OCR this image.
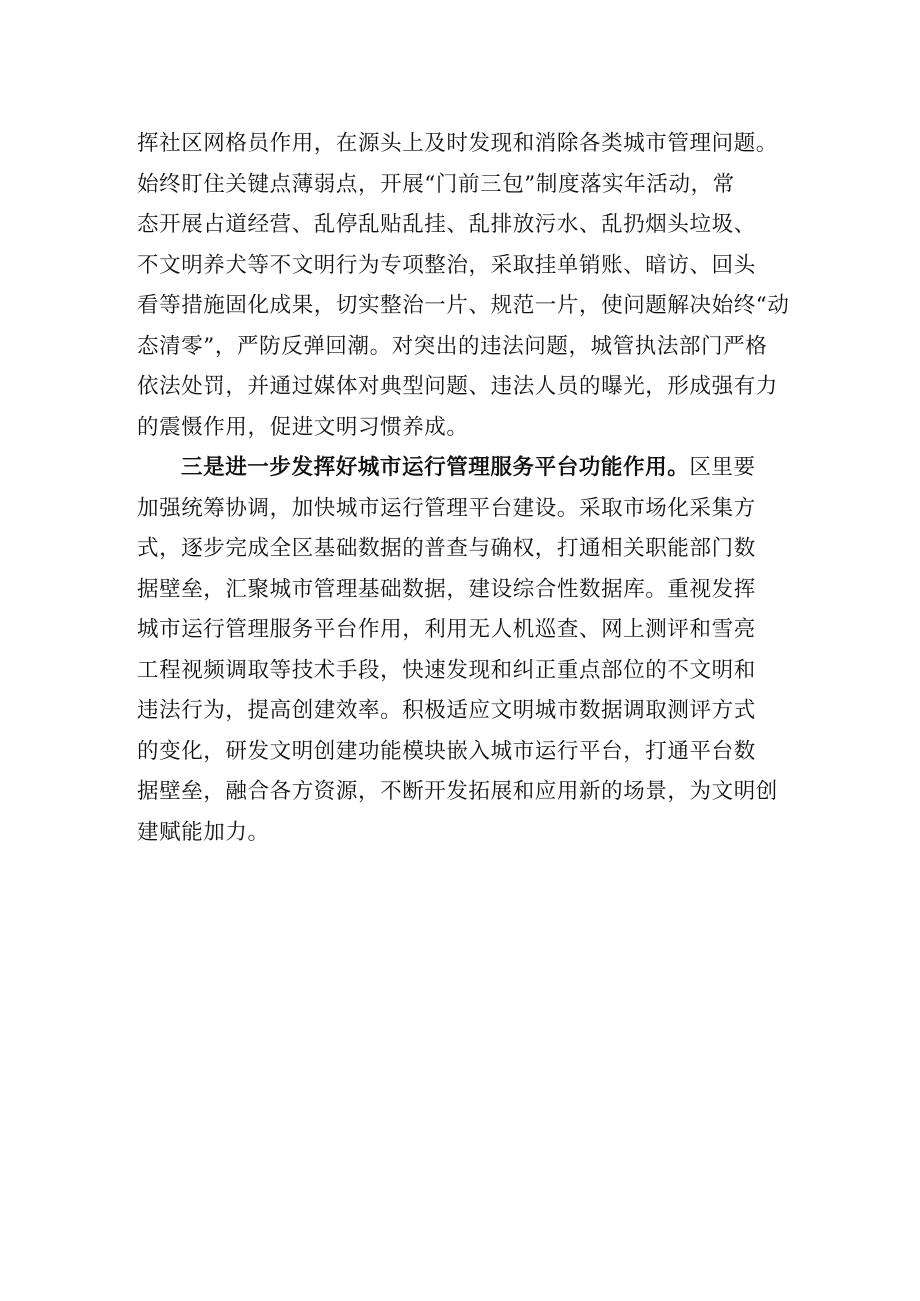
挥社区网格员作用，在源头上及时发现和消除各类城市管理问题。
始终盯住关键点薄弱点，开展“门前三包”制度落实年活动，常
态开展占道经营、乱停乱贴乱挂、乱排放污水、乱扔烟头垃圾、
不文明养犬等不文明行为专项整治，采取挂单销账、暗访、回头
看等措施固化成果，切实整治一片、规范一片，使问题解决始终“动
态清零”，严防反弹回潮。对突出的违法问题，城管执法部门严格
依法处罚，并通过媒体对典型问题、违法人员的曝光，形成强有力
的震慑作用，促进文明习惯养成。
三是进一步发挥好城市运行管理服务平台功能作用。区里要
加强统筹协调，加快城市运行管理平台建设。采取市场化采集方
式，逐步完成全区基础数据的普查与确权，打通相关职能部门数
据壁垒，汇聚城市管理基础数据，建设综合性数据库。重视发挥
城市运行管理服务平台作用，利用无人机巡查、网上测评和雪亮
工程视频调取等技术手段，快速发现和纠正重点部位的不文明和
违法行为，提高创建效率。积极适应文明城市数据调取测评方式
的变化，研发文明创建功能模块嵌入城市运行平台，打通平台数
据壁垒，融合各方资源，不断开发拓展和应用新的场景，为文明创
建赋能加力。
